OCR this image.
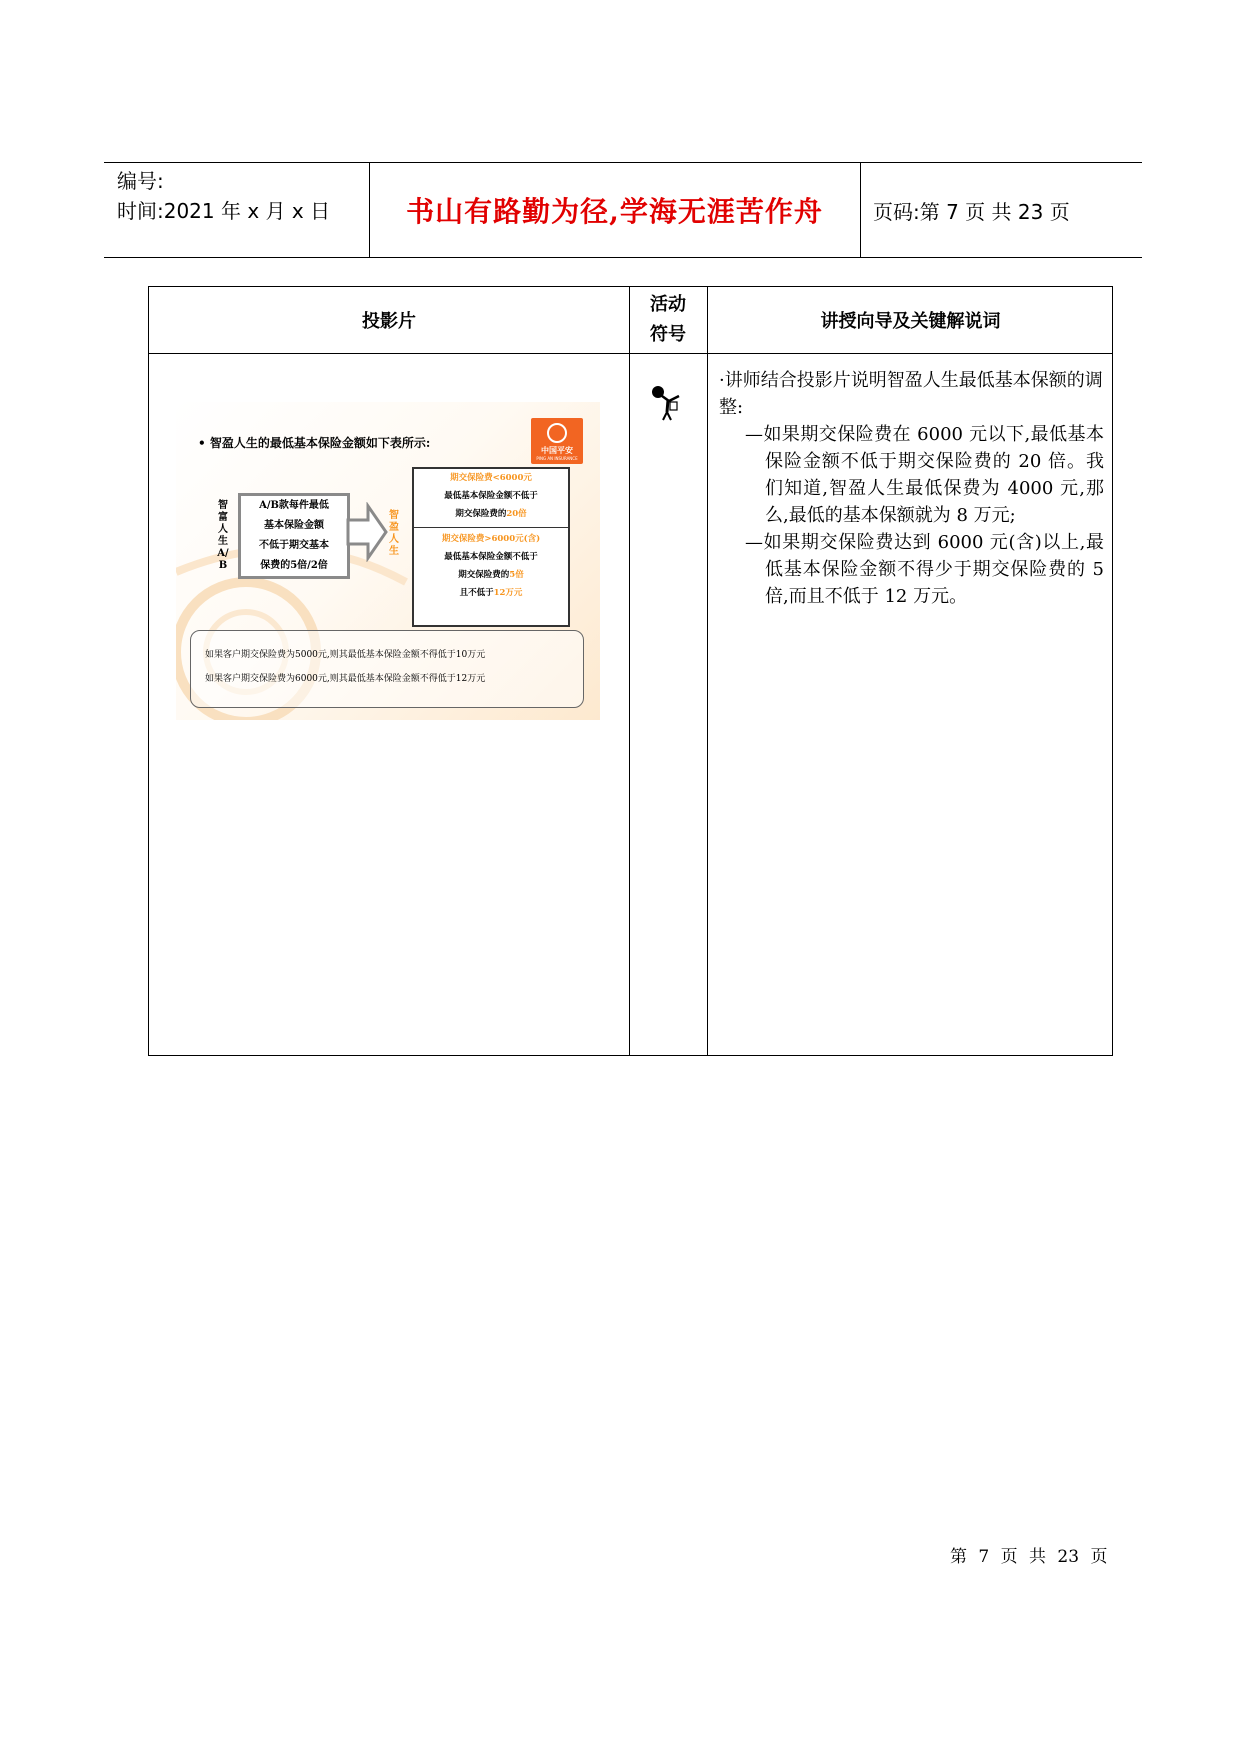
编号:
时间:2021 年 x 月 x 日	书山有路勤为径,学海无涯苦作舟	页码:第 7 页 共 23 页
投影片
活动
符号
讲授向导及关键解说词

·讲师结合投影片说明智盈人生最低基本保额的调整:

—如果期交保险费在 6000 元以下,最低基本保险金额不低于期交保险费的 20 倍。我们知道,智盈人生最低保费为 4000 元,那么,最低的基本保额就为 8 万元;

—如果期交保险费达到 6000 元(含)以上,最低基本保险金额不得少于期交保险费的 5 倍,而且不低于 12 万元。

• 智盈人生的最低基本保险金额如下表所示:
中国平安
PING AN INSURANCE
智富人生A/B
A/B款每件最低
基本保险金额
不低于期交基本
保费的5倍/2倍
智盈人生
期交保险费<6000元
最低基本保险金额不低于
期交保险费的20倍
期交保险费>6000元(含)
最低基本保险金额不低于
期交保险费的5倍
且不低于12万元
如果客户期交保险费为5000元,则其最低基本保险金额不得低于10万元
如果客户期交保险费为6000元,则其最低基本保险金额不得低于12万元
第 7 页 共 23 页
